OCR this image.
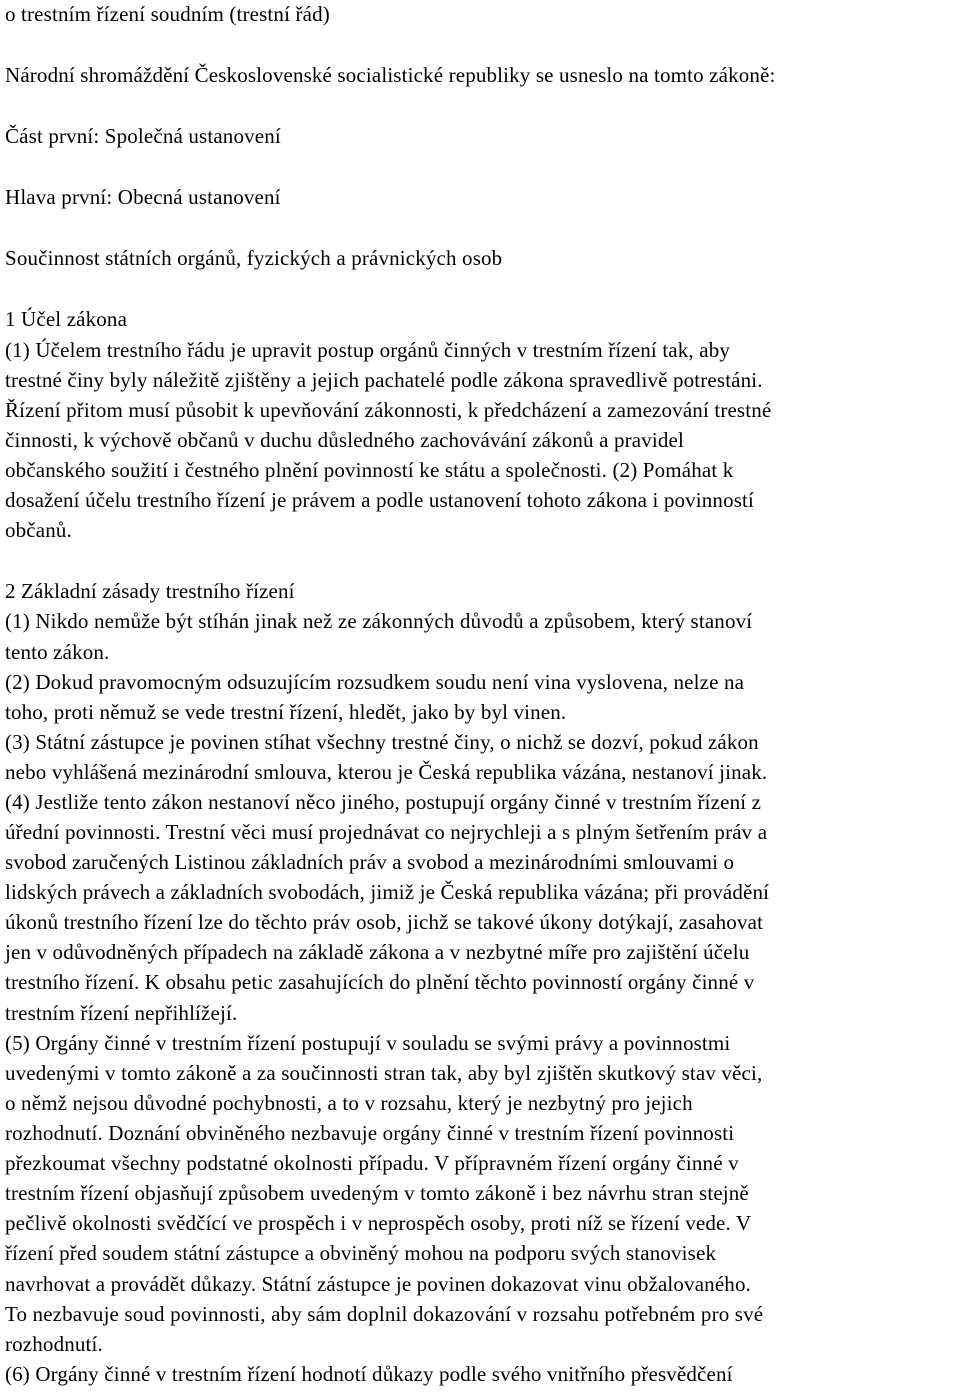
o trestním řízení soudním (trestní řád)

Národní shromáždění Československé socialistické republiky se usneslo na tomto zákoně:

Část první: Společná ustanovení

Hlava první: Obecná ustanovení

Součinnost státních orgánů, fyzických a právnických osob

1 Účel zákona

(1) Účelem trestního řádu je upravit postup orgánů činných v trestním řízení tak, aby

trestné činy byly náležitě zjištěny a jejich pachatelé podle zákona spravedlivě potrestáni.

Řízení přitom musí působit k upevňování zákonnosti, k předcházení a zamezování trestné

činnosti, k výchově občanů v duchu důsledného zachovávání zákonů a pravidel

občanského soužití i čestného plnění povinností ke státu a společnosti. (2) Pomáhat k

dosažení účelu trestního řízení je právem a podle ustanovení tohoto zákona i povinností

občanů.

2 Základní zásady trestního řízení

(1) Nikdo nemůže být stíhán jinak než ze zákonných důvodů a způsobem, který stanoví

tento zákon.

(2) Dokud pravomocným odsuzujícím rozsudkem soudu není vina vyslovena, nelze na

toho, proti němuž se vede trestní řízení, hledět, jako by byl vinen.

(3) Státní zástupce je povinen stíhat všechny trestné činy, o nichž se dozví, pokud zákon

nebo vyhlášená mezinárodní smlouva, kterou je Česká republika vázána, nestanoví jinak.

(4) Jestliže tento zákon nestanoví něco jiného, postupují orgány činné v trestním řízení z

úřední povinnosti. Trestní věci musí projednávat co nejrychleji a s plným šetřením práv a

svobod zaručených Listinou základních práv a svobod a mezinárodními smlouvami o

lidských právech a základních svobodách, jimiž je Česká republika vázána; při provádění

úkonů trestního řízení lze do těchto práv osob, jichž se takové úkony dotýkají, zasahovat

jen v odůvodněných případech na základě zákona a v nezbytné míře pro zajištění účelu

trestního řízení. K obsahu petic zasahujících do plnění těchto povinností orgány činné v

trestním řízení nepřihlížejí.

(5) Orgány činné v trestním řízení postupují v souladu se svými právy a povinnostmi

uvedenými v tomto zákoně a za součinnosti stran tak, aby byl zjištěn skutkový stav věci,

o němž nejsou důvodné pochybnosti, a to v rozsahu, který je nezbytný pro jejich

rozhodnutí. Doznání obviněného nezbavuje orgány činné v trestním řízení povinnosti

přezkoumat všechny podstatné okolnosti případu. V přípravném řízení orgány činné v

trestním řízení objasňují způsobem uvedeným v tomto zákoně i bez návrhu stran stejně

pečlivě okolnosti svědčící ve prospěch i v neprospěch osoby, proti níž se řízení vede. V

řízení před soudem státní zástupce a obviněný mohou na podporu svých stanovisek

navrhovat a provádět důkazy. Státní zástupce je povinen dokazovat vinu obžalovaného.

To nezbavuje soud povinnosti, aby sám doplnil dokazování v rozsahu potřebném pro své

rozhodnutí.

(6) Orgány činné v trestním řízení hodnotí důkazy podle svého vnitřního přesvědčení
